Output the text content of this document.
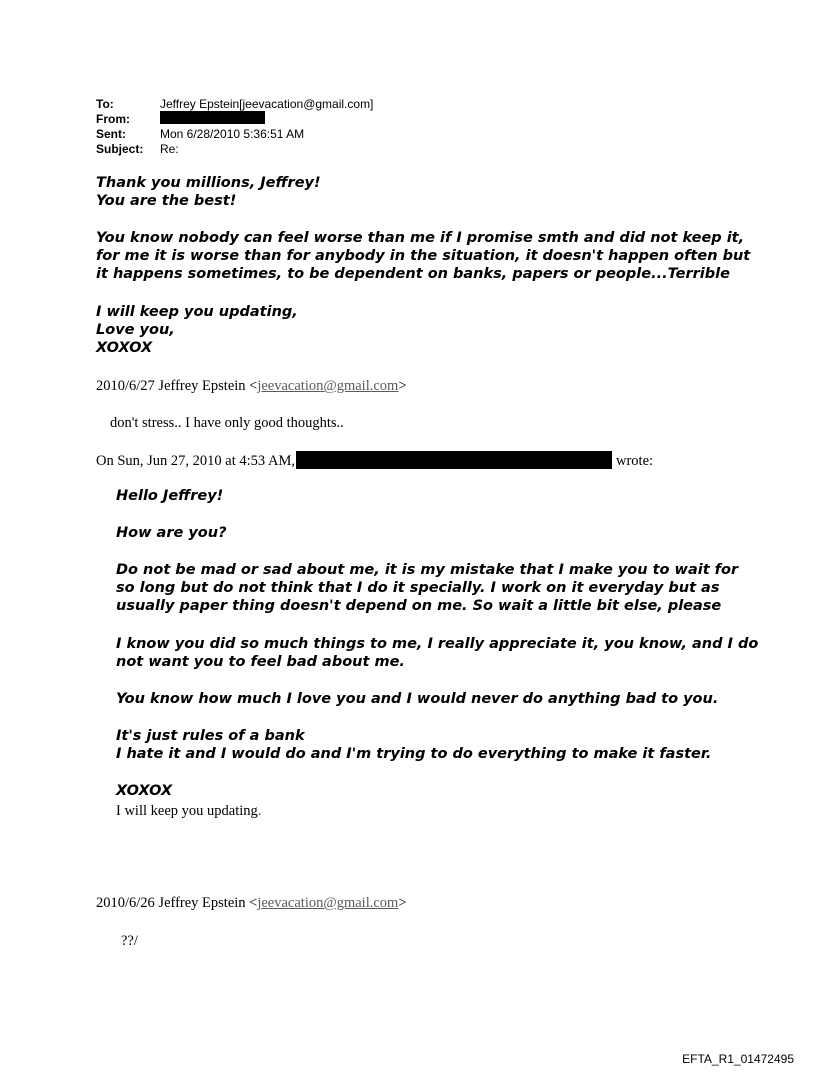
To:	Jeffrey Epstein[jeevacation@gmail.com]
From:
Sent:	Mon 6/28/2010 5:36:51 AM
Subject: Re:
Thank you millions, Jeffrey!
You are the best!
You know nobody can feel worse than me if I promise smth and did not keep it,
for me it is worse than for anybody in the situation, it doesn't happen often but
it happens sometimes, to be dependent on banks, papers or people...Terrible
I will keep you updating,
Love you,
XOXOX
2010/6/27 Jeffrey Epstein <jeevacation@gmail.com>
don't stress.. I have only good thoughts..
On Sun, Jun 27, 2010 at 4:53 AM,	wrote:
Hello Jeffrey!
How are you?
Do not be mad or sad about me, it is my mistake that I make you to wait for
so long but do not think that I do it specially. I work on it everyday but as
usually paper thing doesn't depend on me. So wait a little bit else, please
I know you did so much things to me, I really appreciate it, you know, and I do
not want you to feel bad about me.
You know how much I love you and I would never do anything bad to you.
It's just rules of a bank
I hate it and I would do and I'm trying to do everything to make it faster.
XOXOX
I will keep you updating.
2010/6/26 Jeffrey Epstein <jeevacation@gmail.com>
??/
EFTA_R1_01472495
